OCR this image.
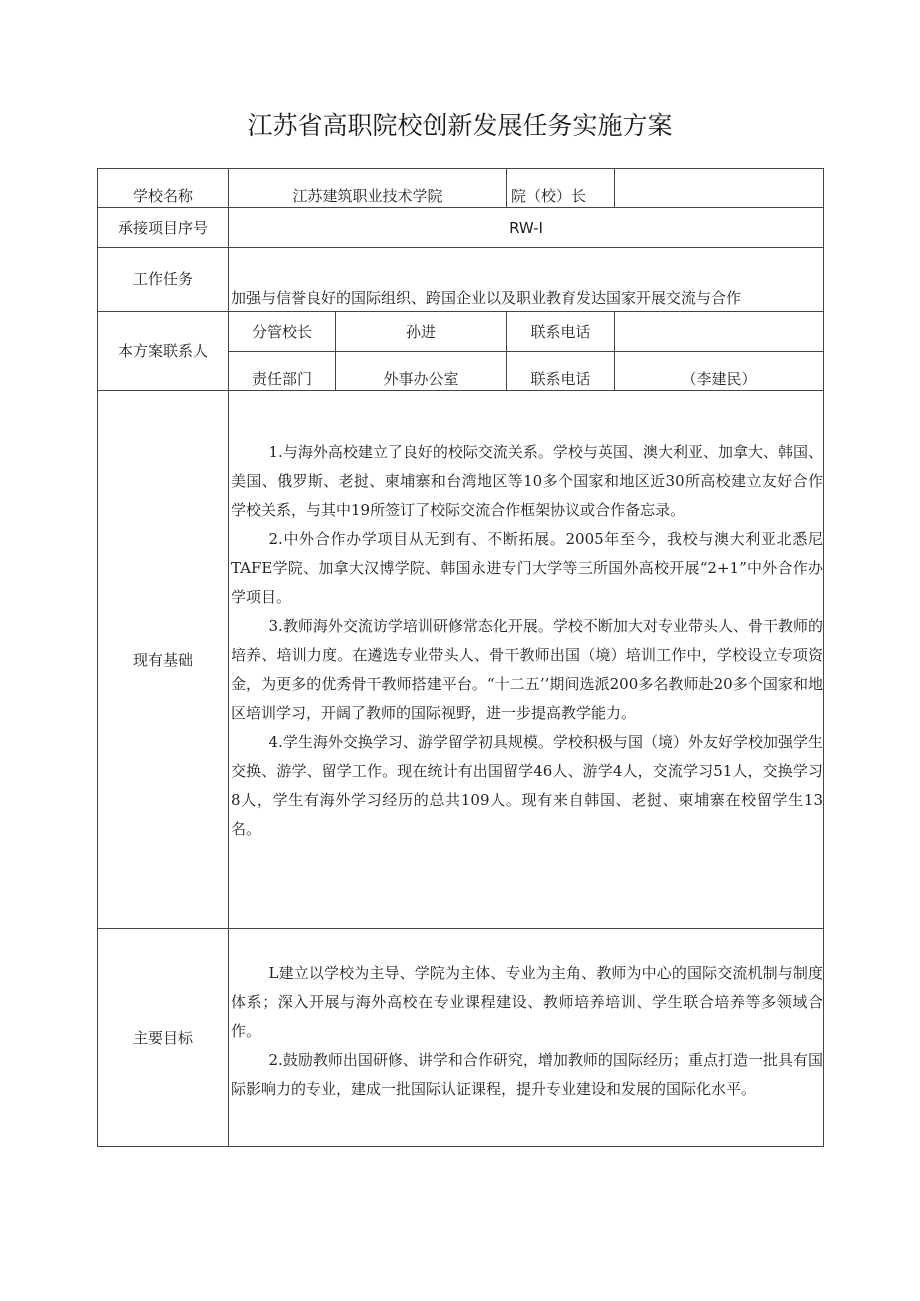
江苏省高职院校创新发展任务实施方案
学校名称	江苏建筑职业技术学院		院（校）长	
承接项目序号	RW-I			
工作任务	加强与信誉良好的国际组织、跨国企业以及职业教育发达国家开展交流与合作			
本方案联系人	分管校长	孙进	联系电话	
	责任部门	外事办公室	联系电话	（李建民）
现有基础	1.与海外高校建立了良好的校际交流关系。学校与英国、澳大利亚、加拿大、韩国、美国、俄罗斯、老挝、柬埔寨和台湾地区等10多个国家和地区近30所高校建立友好合作学校关系，与其中19所签订了校际交流合作框架协议或合作备忘录。

2.中外合作办学项目从无到有、不断拓展。2005年至今，我校与澳大利亚北悉尼TAFE学院、加拿大汉博学院、韩国永进专门大学等三所国外高校开展“2+1”中外合作办学项目。

3.教师海外交流访学培训研修常态化开展。学校不断加大对专业带头人、骨干教师的培养、培训力度。在遴选专业带头人、骨干教师出国（境）培训工作中，学校设立专项资金，为更多的优秀骨干教师搭建平台。“十二五’’期间选派200多名教师赴20多个国家和地区培训学习，开阔了教师的国际视野，进一步提高教学能力。

4.学生海外交换学习、游学留学初具规模。学校积极与国（境）外友好学校加强学生交换、游学、留学工作。现在统计有出国留学46人、游学4人，交流学习51人，交换学习8人，学生有海外学习经历的总共109人。现有来自韩国、老挝、柬埔寨在校留学生13名。			

主要目标	L建立以学校为主导、学院为主体、专业为主角、教师为中心的国际交流机制与制度体系；深入开展与海外高校在专业课程建设、教师培养培训、学生联合培养等多领域合作。

2.鼓励教师出国研修、讲学和合作研究，增加教师的国际经历；重点打造一批具有国际影响力的专业，建成一批国际认证课程，提升专业建设和发展的国际化水平。			
